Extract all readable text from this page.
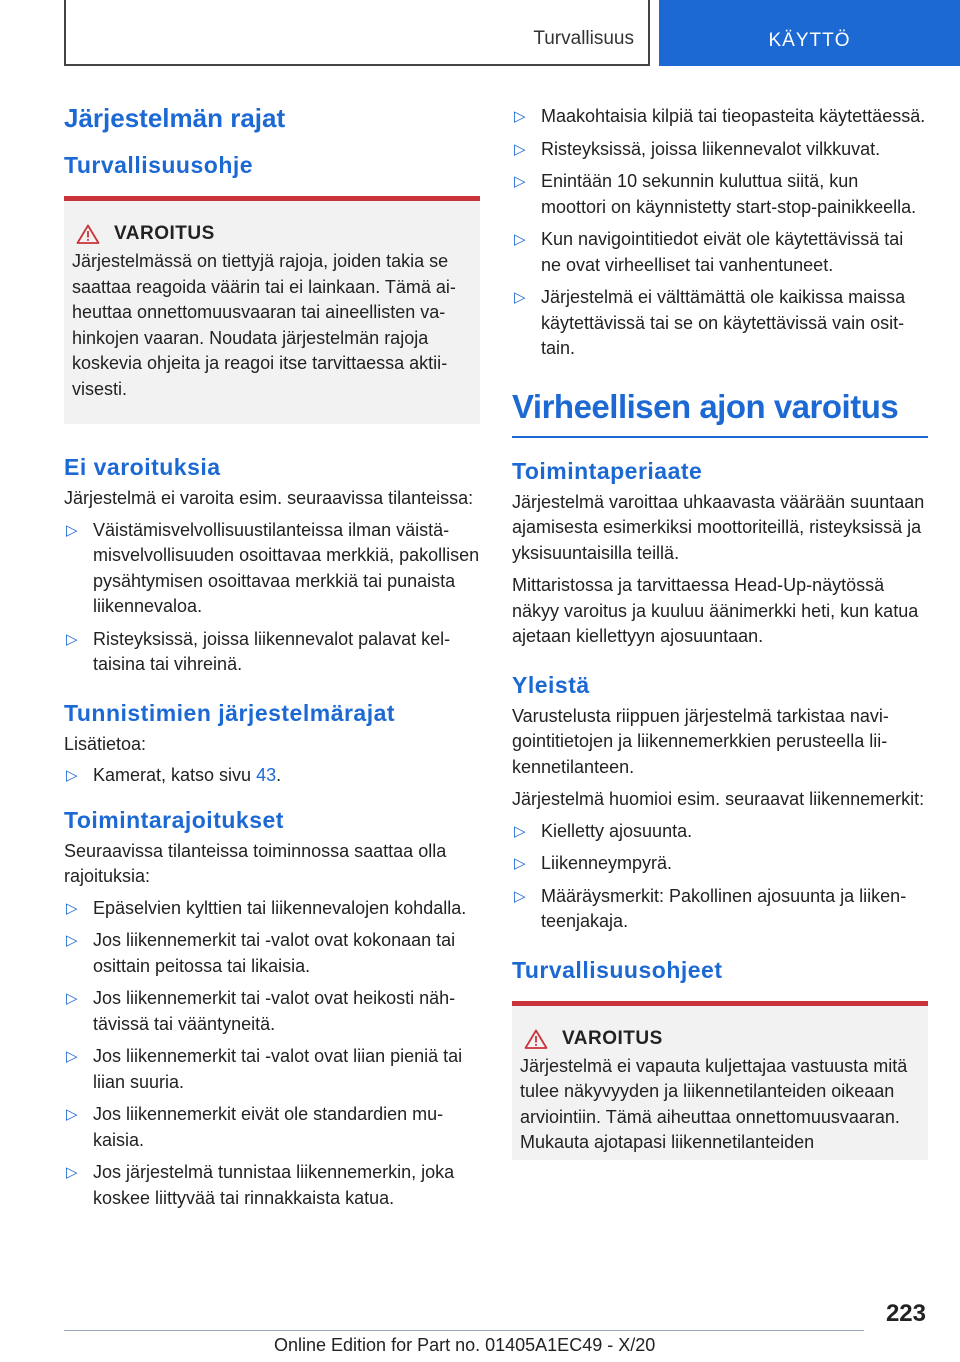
Turvallisuus	KÄYTTÖ
Järjestelmän rajat
Turvallisuusohje
VAROITUS

Järjestelmässä on tiettyjä rajoja, joiden takia se saattaa reagoida väärin tai ei lainkaan. Tämä aiheuttaa onnettomuusvaaran tai aineellisten vahinkojen vaaran. Noudata järjestelmän rajoja koskevia ohjeita ja reagoi itse tarvittaessa aktiivisesti.

Ei varoituksia

Järjestelmä ei varoita esim. seuraavissa tilanteissa:

▷ Väistämisvelvollisuustilanteissa ilman väistämisvelvollisuuden osoittavaa merkkiä, pakollisen pysähtymisen osoittavaa merkkiä tai punaista liikennevaloa.
▷ Risteyksissä, joissa liikennevalot palavat keltaisina tai vihreinä.
Tunnistimien järjestelmärajat

Lisätietoa:

▷ Kamerat, katso sivu 43.
Toimintarajoitukset

Seuraavissa tilanteissa toiminnossa saattaa olla rajoituksia:

▷ Epäselvien kylttien tai liikennevalojen kohdalla.
▷ Jos liikennemerkit tai -valot ovat kokonaan tai osittain peitossa tai likaisia.
▷ Jos liikennemerkit tai -valot ovat heikosti nähtävissä tai vääntyneitä.
▷ Jos liikennemerkit tai -valot ovat liian pieniä tai liian suuria.
▷ Jos liikennemerkit eivät ole standardien mukaisia.
▷ Jos järjestelmä tunnistaa liikennemerkin, joka koskee liittyvää tai rinnakkaista katua.
▷ Maakohtaisia kilpiä tai tieopasteita käytettäessä.
▷ Risteyksissä, joissa liikennevalot vilkkuvat.
▷ Enintään 10 sekunnin kuluttua siitä, kun moottori on käynnistetty start-stop-painikkeella.
▷ Kun navigointitiedot eivät ole käytettävissä tai ne ovat virheelliset tai vanhentuneet.
▷ Järjestelmä ei välttämättä ole kaikissa maissa käytettävissä tai se on käytettävissä vain osittain.
Virheellisen ajon varoitus
Toimintaperiaate

Järjestelmä varoittaa uhkaavasta väärään suuntaan ajamisesta esimerkiksi moottoriteillä, risteyksissä ja yksisuuntaisilla teillä.

Mittaristossa ja tarvittaessa Head-Up-näytössä näkyy varoitus ja kuuluu äänimerkki heti, kun katua ajetaan kiellettyyn ajosuuntaan.

Yleistä

Varustelusta riippuen järjestelmä tarkistaa navigointitietojen ja liikennemerkkien perusteella liikennetilanteen.

Järjestelmä huomioi esim. seuraavat liikennemerkit:

▷ Kielletty ajosuunta.
▷ Liikenneympyrä.
▷ Määräysmerkit: Pakollinen ajosuunta ja liikenteenjakaja.
Turvallisuusohjeet
VAROITUS

Järjestelmä ei vapauta kuljettajaa vastuusta mitä tulee näkyvyyden ja liikennetilanteiden oikeaan arviointiin. Tämä aiheuttaa onnettomuusvaaran. Mukauta ajotapasi liikennetilanteiden

223
Online Edition for Part no. 01405A1EC49 - X/20
